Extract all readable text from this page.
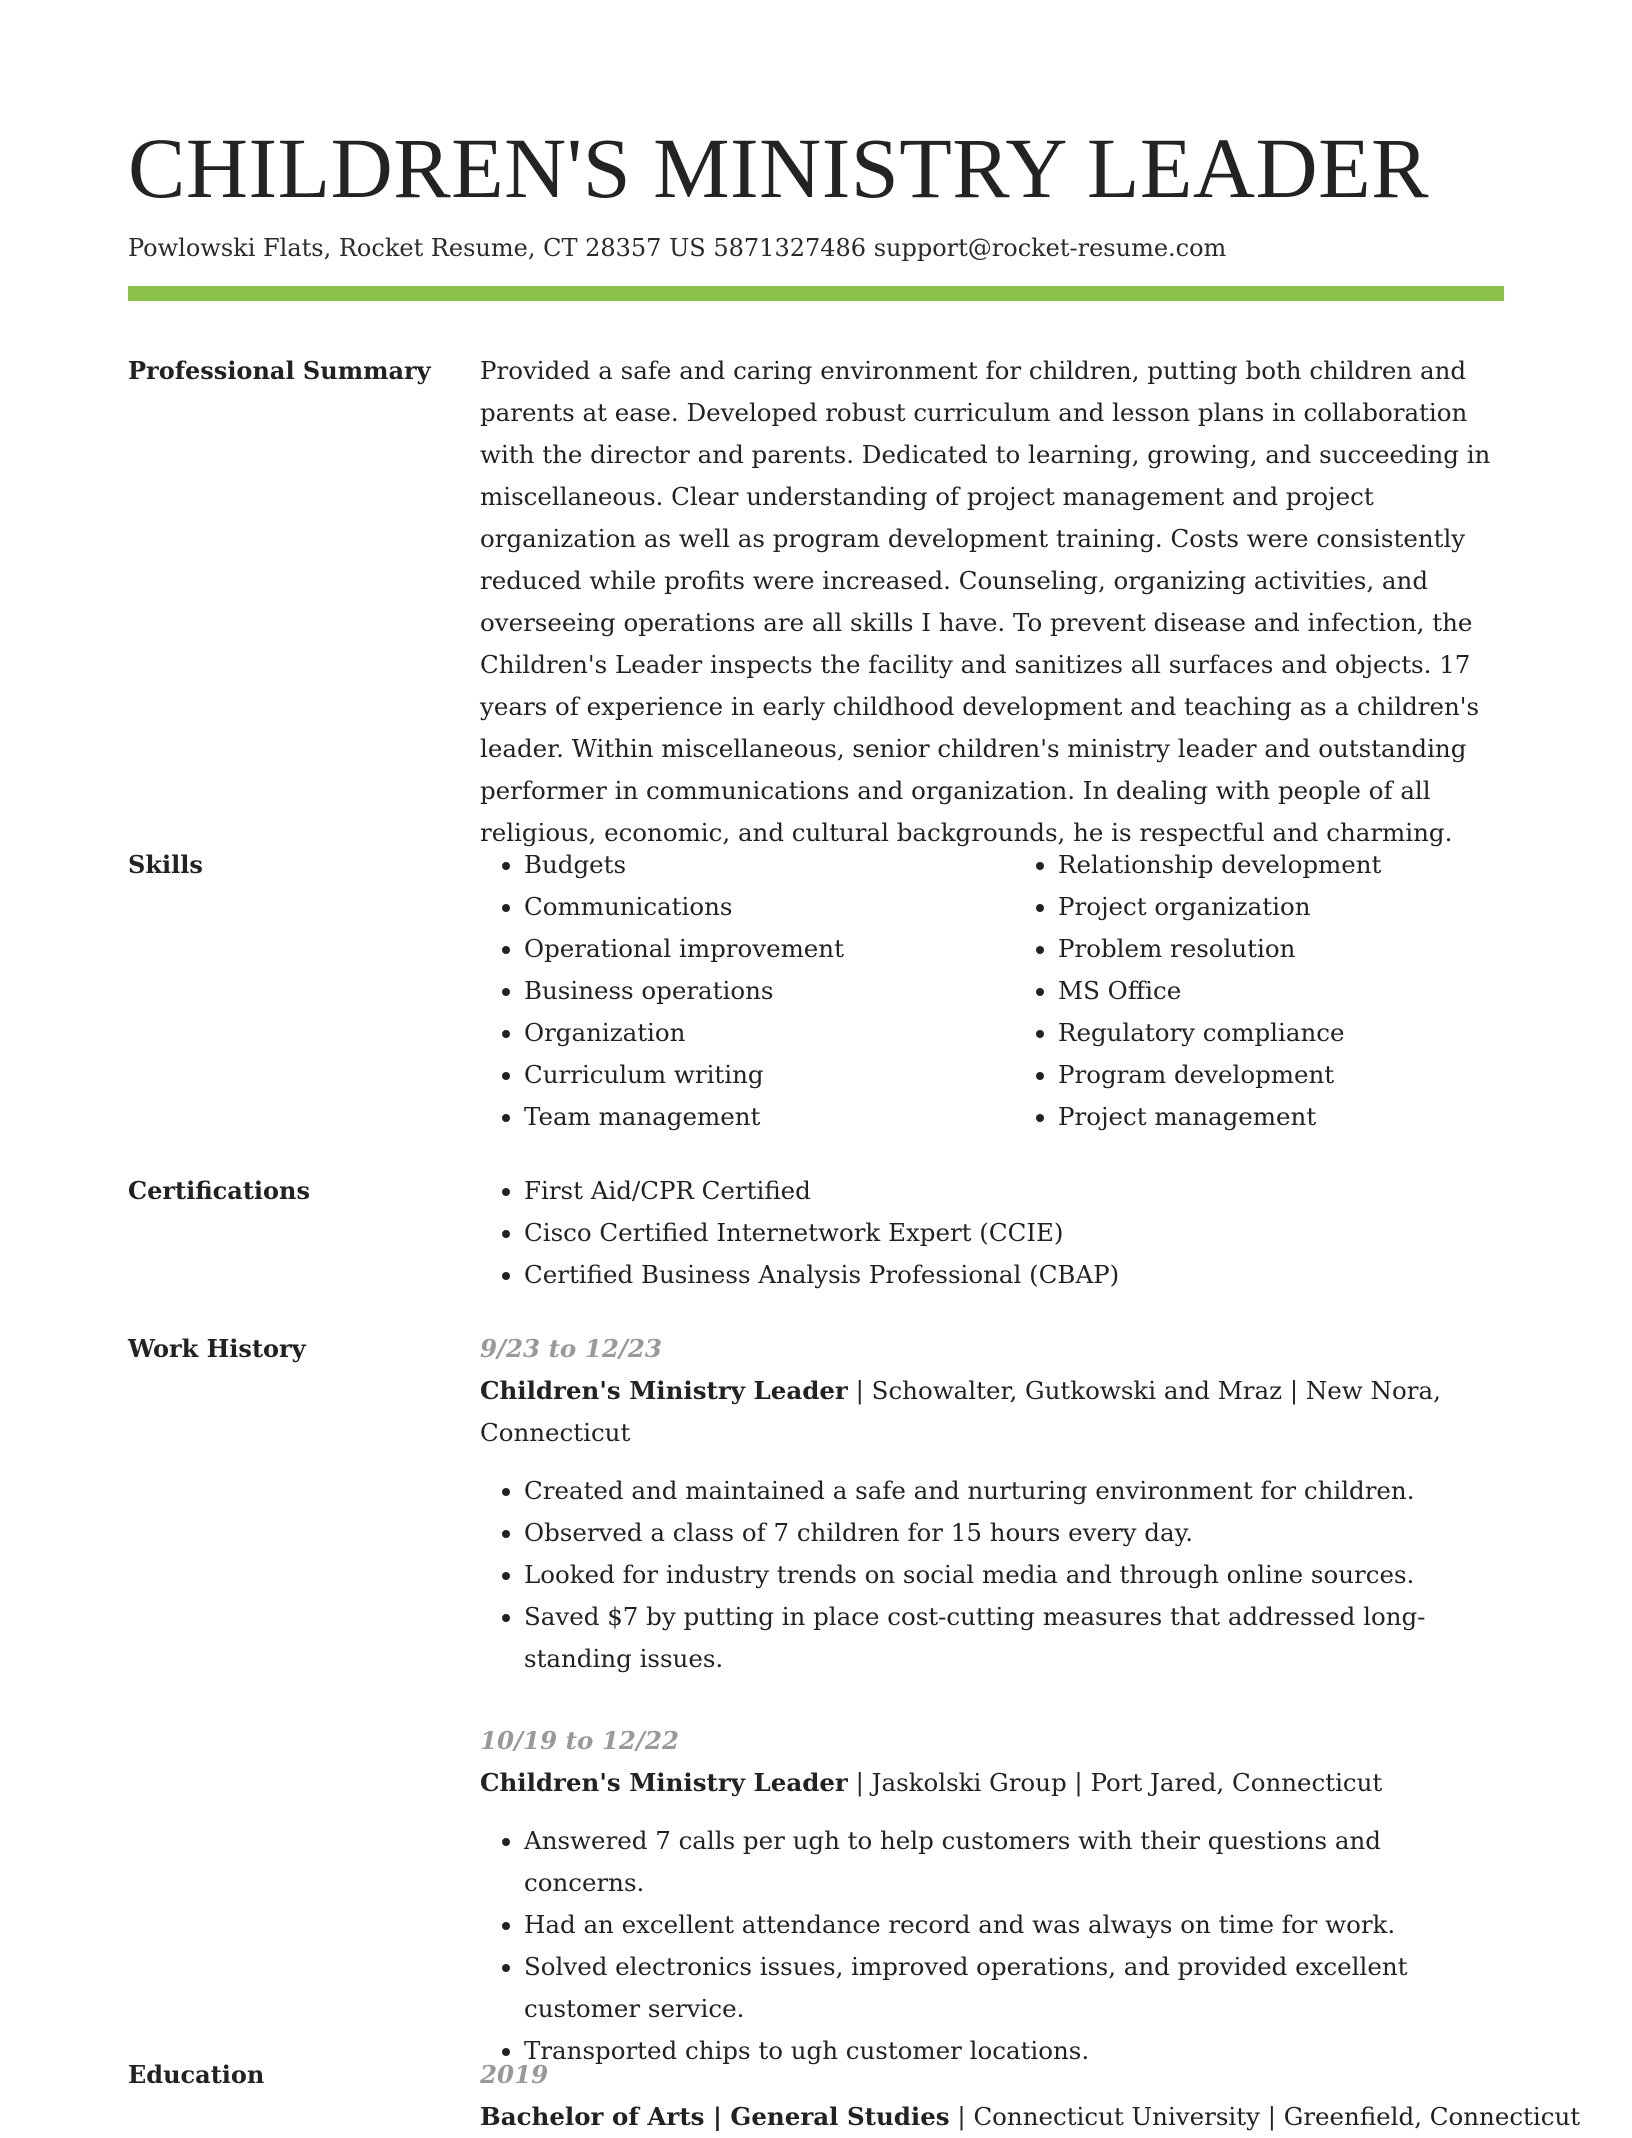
CHILDREN'S MINISTRY LEADER
Powlowski Flats, Rocket Resume, CT 28357 US 5871327486 support@rocket-resume.com
Professional Summary	Provided a safe and caring environment for children, putting both children and parents at ease. Developed robust curriculum and lesson plans in collaboration with the director and parents. Dedicated to learning, growing, and succeeding in miscellaneous. Clear understanding of project management and project organization as well as program development training. Costs were consistently reduced while profits were increased. Counseling, organizing activities, and overseeing operations are all skills I have. To prevent disease and infection, the Children's Leader inspects the facility and sanitizes all surfaces and objects. 17 years of experience in early childhood development and teaching as a children's leader. Within miscellaneous, senior children's ministry leader and outstanding performer in communications and organization. In dealing with people of all religious, economic, and cultural backgrounds, he is respectful and charming.

Skills	• Budgets
• Communications
• Operational improvement
• Business operations
• Organization
• Curriculum writing
• Team management
• Relationship development
• Project organization
• Problem resolution
• MS Office
• Regulatory compliance
• Program development
• Project management
Certifications	• First Aid/CPR Certified
• Cisco Certified Internetwork Expert (CCIE)
• Certified Business Analysis Professional (CBAP)
Work History	9/23 to 12/23
Children's Ministry Leader | Schowalter, Gutkowski and Mraz | New Nora, Connecticut
• Created and maintained a safe and nurturing environment for children.
• Observed a class of 7 children for 15 hours every day.
• Looked for industry trends on social media and through online sources.
• Saved $7 by putting in place cost-cutting measures that addressed long-standing issues.
10/19 to 12/22
Children's Ministry Leader | Jaskolski Group | Port Jared, Connecticut
• Answered 7 calls per ugh to help customers with their questions and concerns.
• Had an excellent attendance record and was always on time for work.
• Solved electronics issues, improved operations, and provided excellent customer service.
• Transported chips to ugh customer locations.
Education	2019
Bachelor of Arts | General Studies | Connecticut University | Greenfield, Connecticut
